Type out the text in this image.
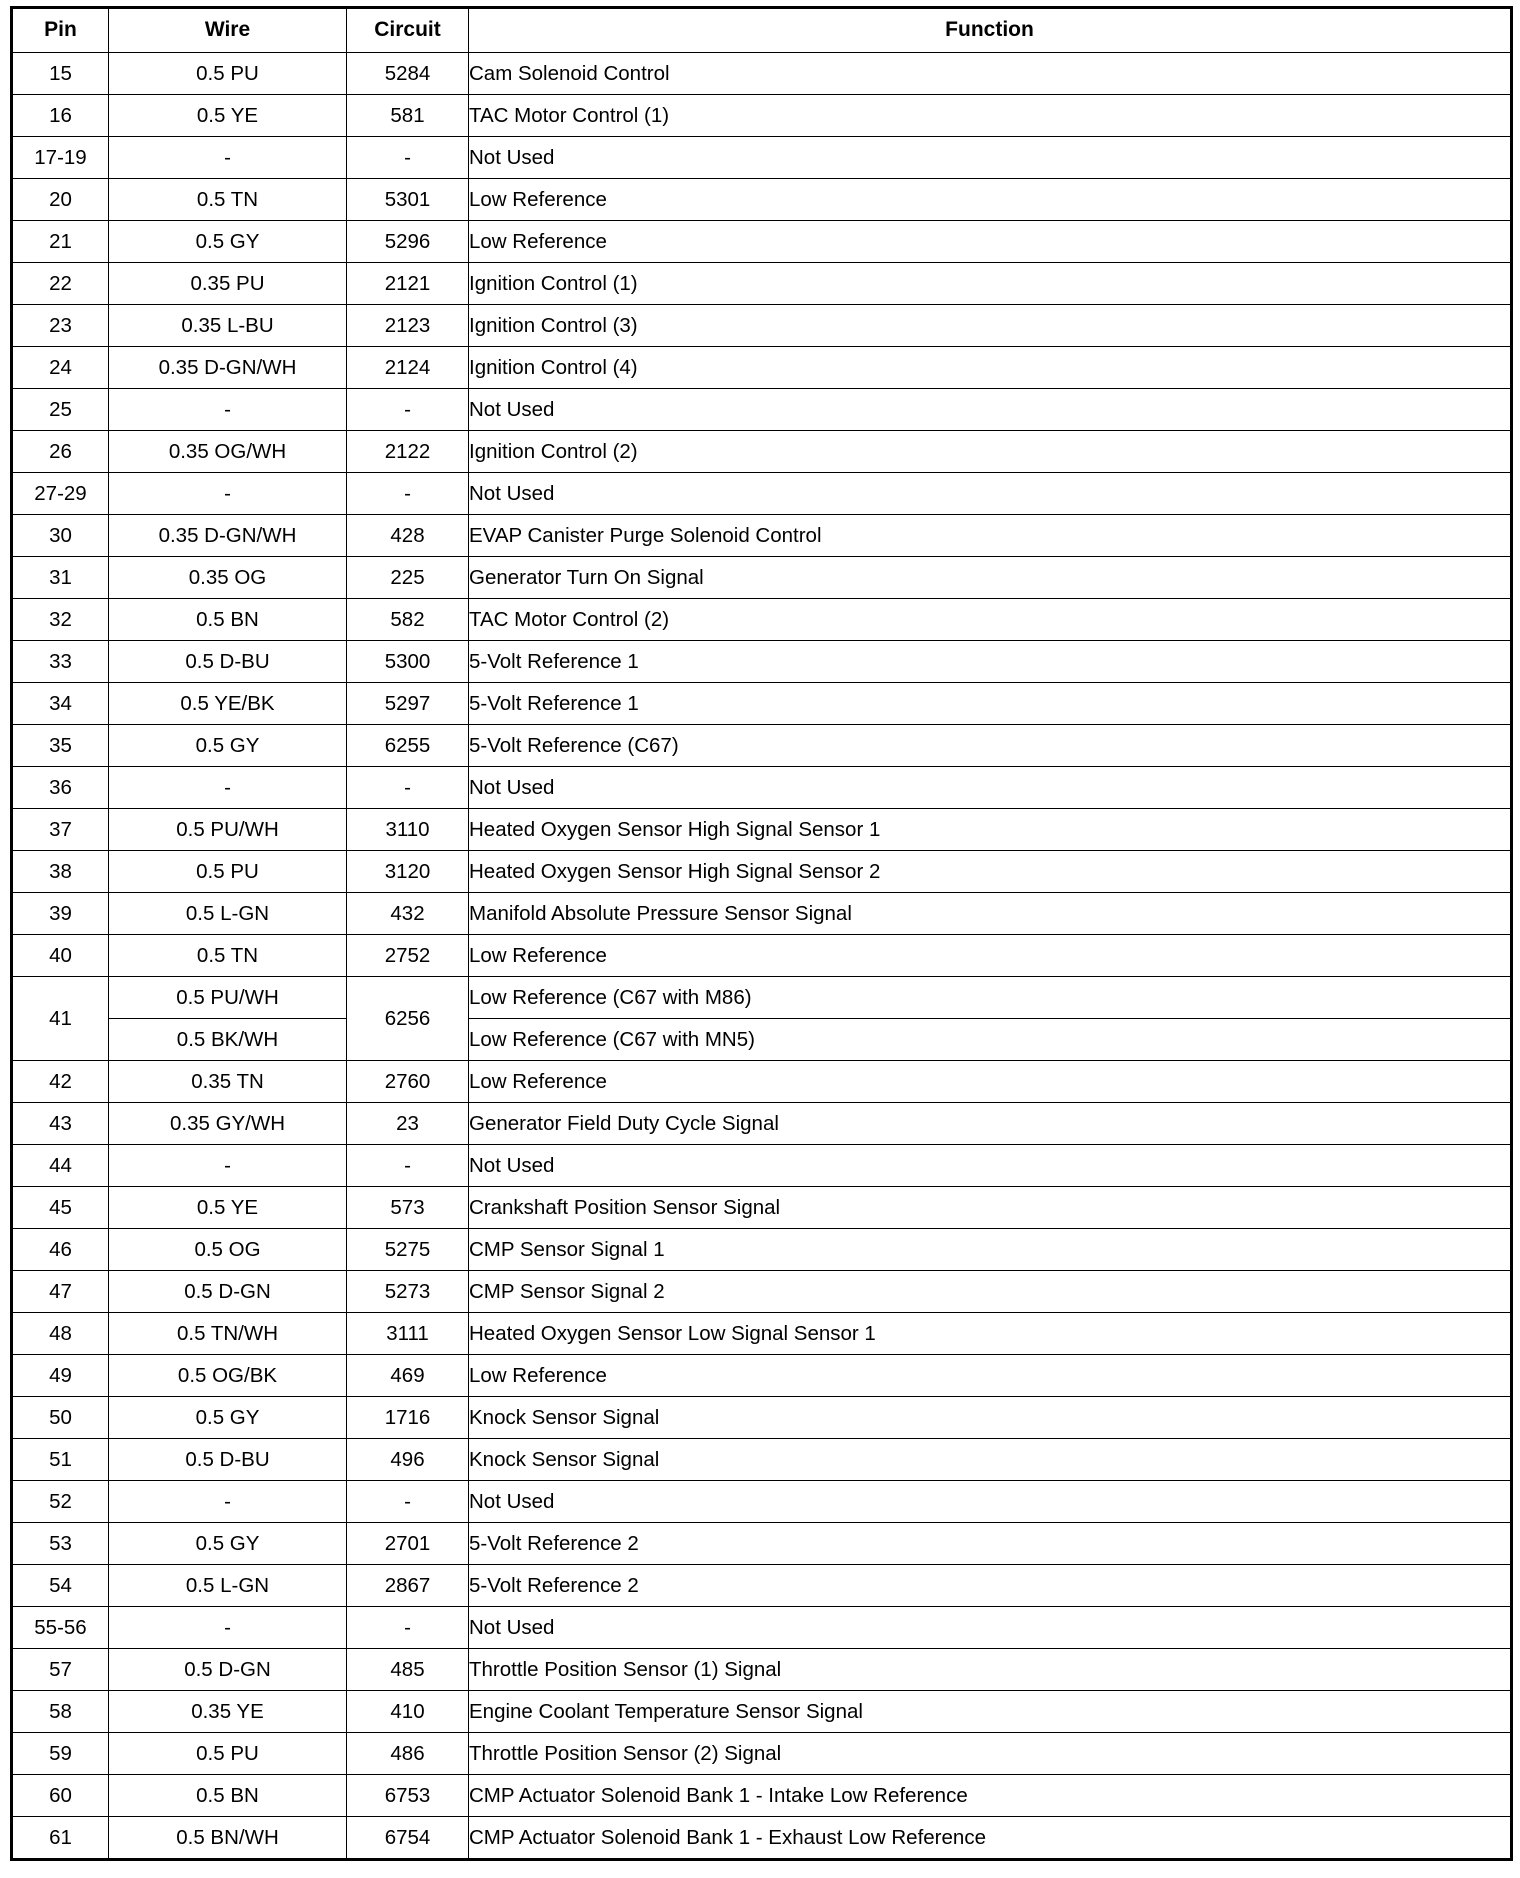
Pin	Wire	Circuit	Function
15	0.5 PU	5284	Cam Solenoid Control
16	0.5 YE	581	TAC Motor Control (1)
17-19	-	-	Not Used
20	0.5 TN	5301	Low Reference
21	0.5 GY	5296	Low Reference
22	0.35 PU	2121	Ignition Control (1)
23	0.35 L-BU	2123	Ignition Control (3)
24	0.35 D-GN/WH	2124	Ignition Control (4)
25	-	-	Not Used
26	0.35 OG/WH	2122	Ignition Control (2)
27-29	-	-	Not Used
30	0.35 D-GN/WH	428	EVAP Canister Purge Solenoid Control
31	0.35 OG	225	Generator Turn On Signal
32	0.5 BN	582	TAC Motor Control (2)
33	0.5 D-BU	5300	5-Volt Reference 1
34	0.5 YE/BK	5297	5-Volt Reference 1
35	0.5 GY	6255	5-Volt Reference (C67)
36	-	-	Not Used
37	0.5 PU/WH	3110	Heated Oxygen Sensor High Signal Sensor 1
38	0.5 PU	3120	Heated Oxygen Sensor High Signal Sensor 2
39	0.5 L-GN	432	Manifold Absolute Pressure Sensor Signal
40	0.5 TN	2752	Low Reference
41	0.5 PU/WH	6256	Low Reference (C67 with M86)
	0.5 BK/WH		Low Reference (C67 with MN5)
42	0.35 TN	2760	Low Reference
43	0.35 GY/WH	23	Generator Field Duty Cycle Signal
44	-	-	Not Used
45	0.5 YE	573	Crankshaft Position Sensor Signal
46	0.5 OG	5275	CMP Sensor Signal 1
47	0.5 D-GN	5273	CMP Sensor Signal 2
48	0.5 TN/WH	3111	Heated Oxygen Sensor Low Signal Sensor 1
49	0.5 OG/BK	469	Low Reference
50	0.5 GY	1716	Knock Sensor Signal
51	0.5 D-BU	496	Knock Sensor Signal
52	-	-	Not Used
53	0.5 GY	2701	5-Volt Reference 2
54	0.5 L-GN	2867	5-Volt Reference 2
55-56	-	-	Not Used
57	0.5 D-GN	485	Throttle Position Sensor (1) Signal
58	0.35 YE	410	Engine Coolant Temperature Sensor Signal
59	0.5 PU	486	Throttle Position Sensor (2) Signal
60	0.5 BN	6753	CMP Actuator Solenoid Bank 1 - Intake Low Reference
61	0.5 BN/WH	6754	CMP Actuator Solenoid Bank 1 - Exhaust Low Reference
